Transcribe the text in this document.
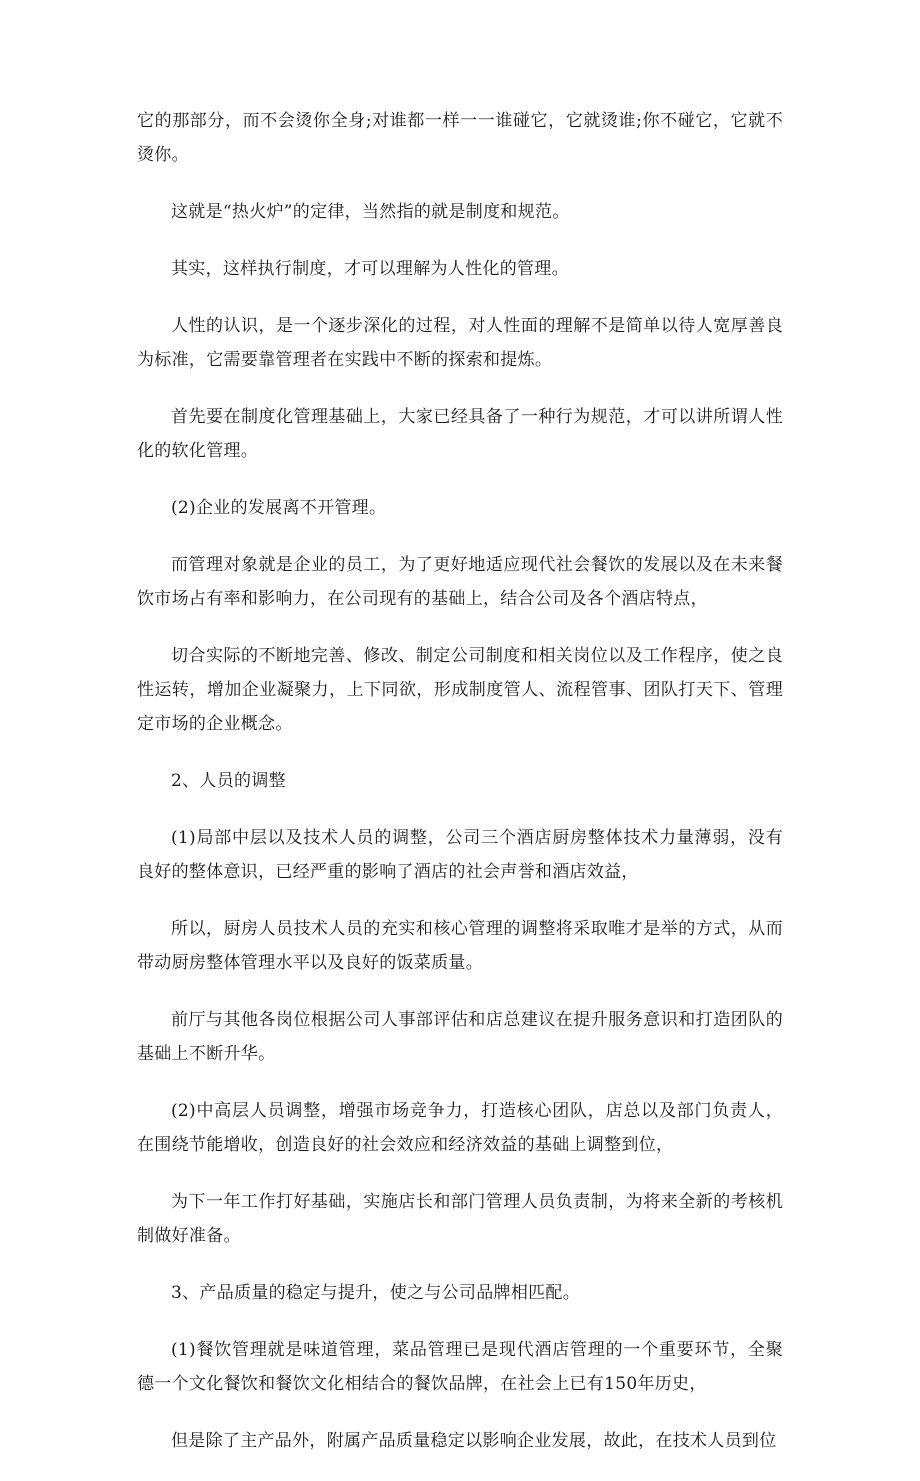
它的那部分，而不会烫你全身;对谁都一样一一谁碰它，它就烫谁;你不碰它，它就不烫你。

这就是“热火炉”的定律，当然指的就是制度和规范。

其实，这样执行制度，才可以理解为人性化的管理。

人性的认识，是一个逐步深化的过程，对人性面的理解不是简单以待人宽厚善良为标准，它需要靠管理者在实践中不断的探索和提炼。

首先要在制度化管理基础上，大家已经具备了一种行为规范，才可以讲所谓人性化的软化管理。

(2)企业的发展离不开管理。

而管理对象就是企业的员工，为了更好地适应现代社会餐饮的发展以及在未来餐饮市场占有率和影响力，在公司现有的基础上，结合公司及各个酒店特点，

切合实际的不断地完善、修改、制定公司制度和相关岗位以及工作程序，使之良性运转，增加企业凝聚力，上下同欲，形成制度管人、流程管事、团队打天下、管理定市场的企业概念。

2、人员的调整

(1)局部中层以及技术人员的调整，公司三个酒店厨房整体技术力量薄弱，没有良好的整体意识，已经严重的影响了酒店的社会声誉和酒店效益，

所以，厨房人员技术人员的充实和核心管理的调整将采取唯才是举的方式，从而带动厨房整体管理水平以及良好的饭菜质量。

前厅与其他各岗位根据公司人事部评估和店总建议在提升服务意识和打造团队的基础上不断升华。

(2)中高层人员调整，增强市场竞争力，打造核心团队，店总以及部门负责人，在围绕节能增收，创造良好的社会效应和经济效益的基础上调整到位，

为下一年工作打好基础，实施店长和部门管理人员负责制，为将来全新的考核机制做好准备。

3、产品质量的稳定与提升，使之与公司品牌相匹配。

(1)餐饮管理就是味道管理，菜品管理已是现代酒店管理的一个重要环节，全聚德一个文化餐饮和餐饮文化相结合的餐饮品牌，在社会上已有150年历史，

但是除了主产品外，附属产品质量稳定以影响企业发展，故此，在技术人员到位
